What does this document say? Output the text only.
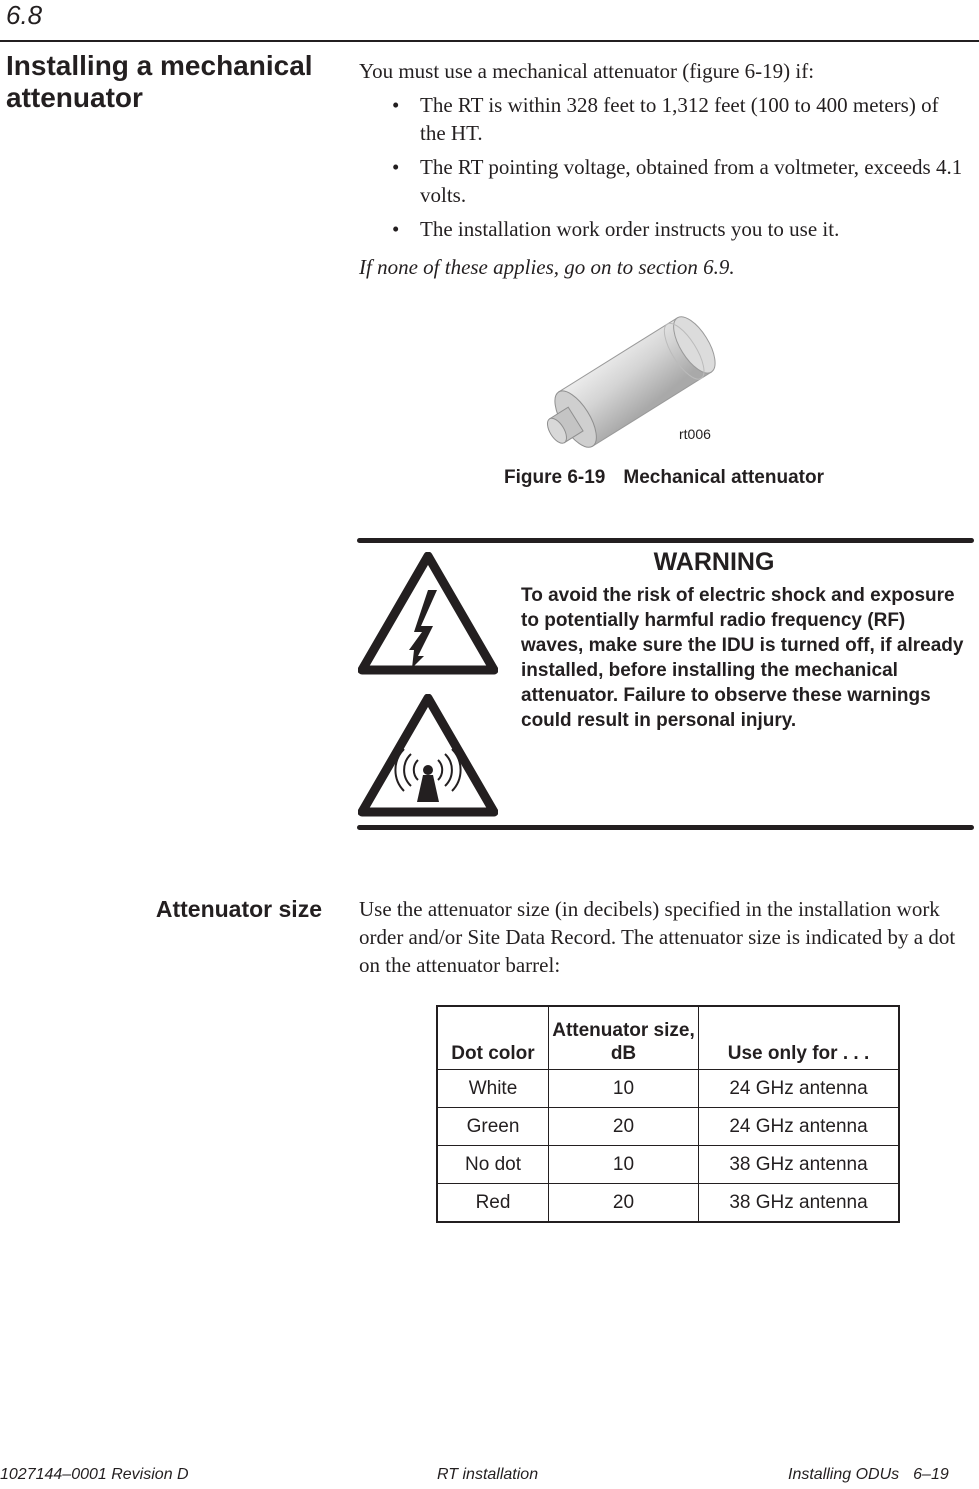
6.8
Installing a mechanical attenuator
You must use a mechanical attenuator (figure 6-19) if:
• The RT is within 328 feet to 1,312 feet (100 to 400 meters) of the HT.
• The RT pointing voltage, obtained from a voltmeter, exceeds 4.1 volts.
• The installation work order instructs you to use it.
If none of these applies, go on to section 6.9.
rt006
Figure 6-19 Mechanical attenuator
WARNING
To avoid the risk of electric shock and exposure to potentially harmful radio frequency (RF) waves, make sure the IDU is turned off, if already installed, before installing the mechanical attenuator. Failure to observe these warnings could result in personal injury.
Attenuator size Use the attenuator size (in decibels) specified in the installation work order and/or Site Data Record. The attenuator size is indicated by a dot on the attenuator barrel:
Dot color	Attenuator size, dB	Use only for . . .
White	10	24 GHz antenna
Green	20	24 GHz antenna
No dot	10	38 GHz antenna
Red	20	38 GHz antenna
1027144–0001 Revision D	RT installation	Installing ODUs 6–19
